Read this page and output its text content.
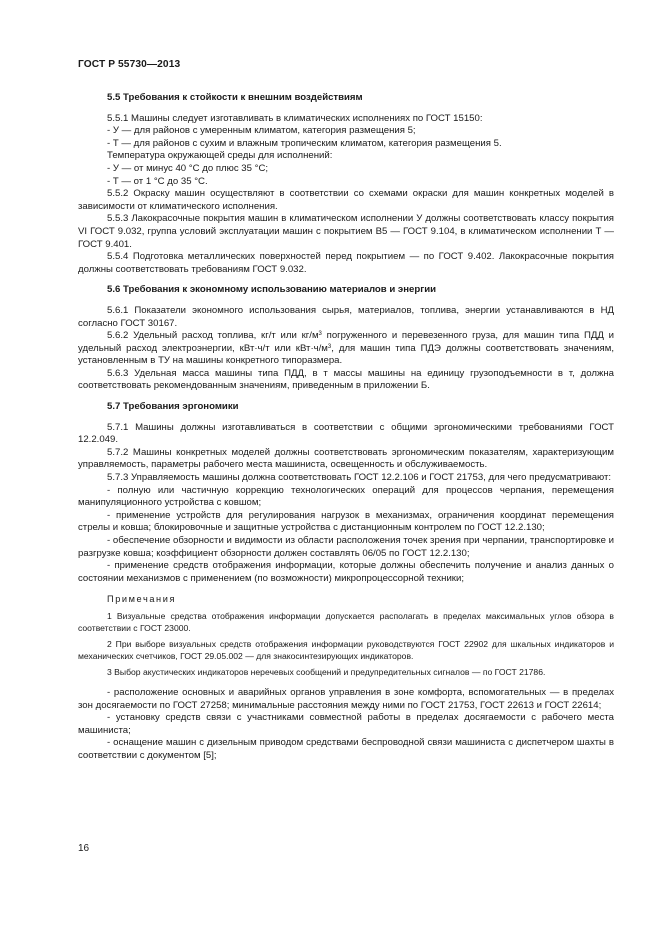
ГОСТ Р 55730—2013

5.5 Требования к стойкости к внешним воздействиям

5.5.1 Машины следует изготавливать в климатических исполнениях по ГОСТ 15150:

- У — для районов с умеренным климатом, категория размещения 5;

- Т — для районов с сухим и влажным тропическим климатом, категория размещения 5.

Температура окружающей среды для исполнений:

- У — от минус 40 °С до плюс 35 °С;

- Т — от 1 °С до 35 °С.

5.5.2 Окраску машин осуществляют в соответствии со схемами окраски для машин конкретных моделей в зависимости от климатического исполнения.

5.5.3 Лакокрасочные покрытия машин в климатическом исполнении У должны соответствовать классу покрытия VI ГОСТ 9.032, группа условий эксплуатации машин с покрытием В5 — ГОСТ 9.104, в климатическом исполнении Т — ГОСТ 9.401.

5.5.4 Подготовка металлических поверхностей перед покрытием — по ГОСТ 9.402. Лакокрасочные покрытия должны соответствовать требованиям ГОСТ 9.032.

5.6 Требования к экономному использованию материалов и энергии

5.6.1 Показатели экономного использования сырья, материалов, топлива, энергии устанавливаются в НД согласно ГОСТ 30167.

5.6.2 Удельный расход топлива, кг/т или $кг/м^3$ погруженного и перевезенного груза, для машин типа ПДД и удельный расход электроэнергии, кВт·ч/т или $кВт\cdot ч/м^3$, для машин типа ПДЭ должны соответствовать значениям, установленным в ТУ на машины конкретного типоразмера.

5.6.3 Удельная масса машины типа ПДД, в т массы машины на единицу грузоподъемности в т, должна соответствовать рекомендованным значениям, приведенным в приложении Б.

5.7 Требования эргономики

5.7.1 Машины должны изготавливаться в соответствии с общими эргономическими требованиями ГОСТ 12.2.049.

5.7.2 Машины конкретных моделей должны соответствовать эргономическим показателям, характеризующим управляемость, параметры рабочего места машиниста, освещенность и обслуживаемость.

5.7.3 Управляемость машины должна соответствовать ГОСТ 12.2.106 и ГОСТ 21753, для чего предусматривают:

- полную или частичную коррекцию технологических операций для процессов черпания, перемещения манипуляционного устройства с ковшом;

- применение устройств для регулирования нагрузок в механизмах, ограничения координат перемещения стрелы и ковша; блокировочные и защитные устройства с дистанционным контролем по ГОСТ 12.2.130;

- обеспечение обзорности и видимости из области расположения точек зрения при черпании, транспортировке и разгрузке ковша; коэффициент обзорности должен составлять 06/05 по ГОСТ 12.2.130;

- применение средств отображения информации, которые должны обеспечить получение и анализ данных о состоянии механизмов с применением (по возможности) микропроцессорной техники;

Примечания

1 Визуальные средства отображения информации допускается располагать в пределах максимальных углов обзора в соответствии с ГОСТ 23000.

2 При выборе визуальных средств отображения информации руководствуются ГОСТ 22902 для шкальных индикаторов и механических счетчиков, ГОСТ 29.05.002 — для знакосинтезирующих индикаторов.

3 Выбор акустических индикаторов неречевых сообщений и предупредительных сигналов — по ГОСТ 21786.

- расположение основных и аварийных органов управления в зоне комфорта, вспомогательных — в пределах зон досягаемости по ГОСТ 27258; минимальные расстояния между ними по ГОСТ 21753, ГОСТ 22613 и ГОСТ 22614;

- установку средств связи с участниками совместной работы в пределах досягаемости с рабочего места машиниста;

- оснащение машин с дизельным приводом средствами беспроводной связи машиниста с диспетчером шахты в соответствии с документом [5];

16
